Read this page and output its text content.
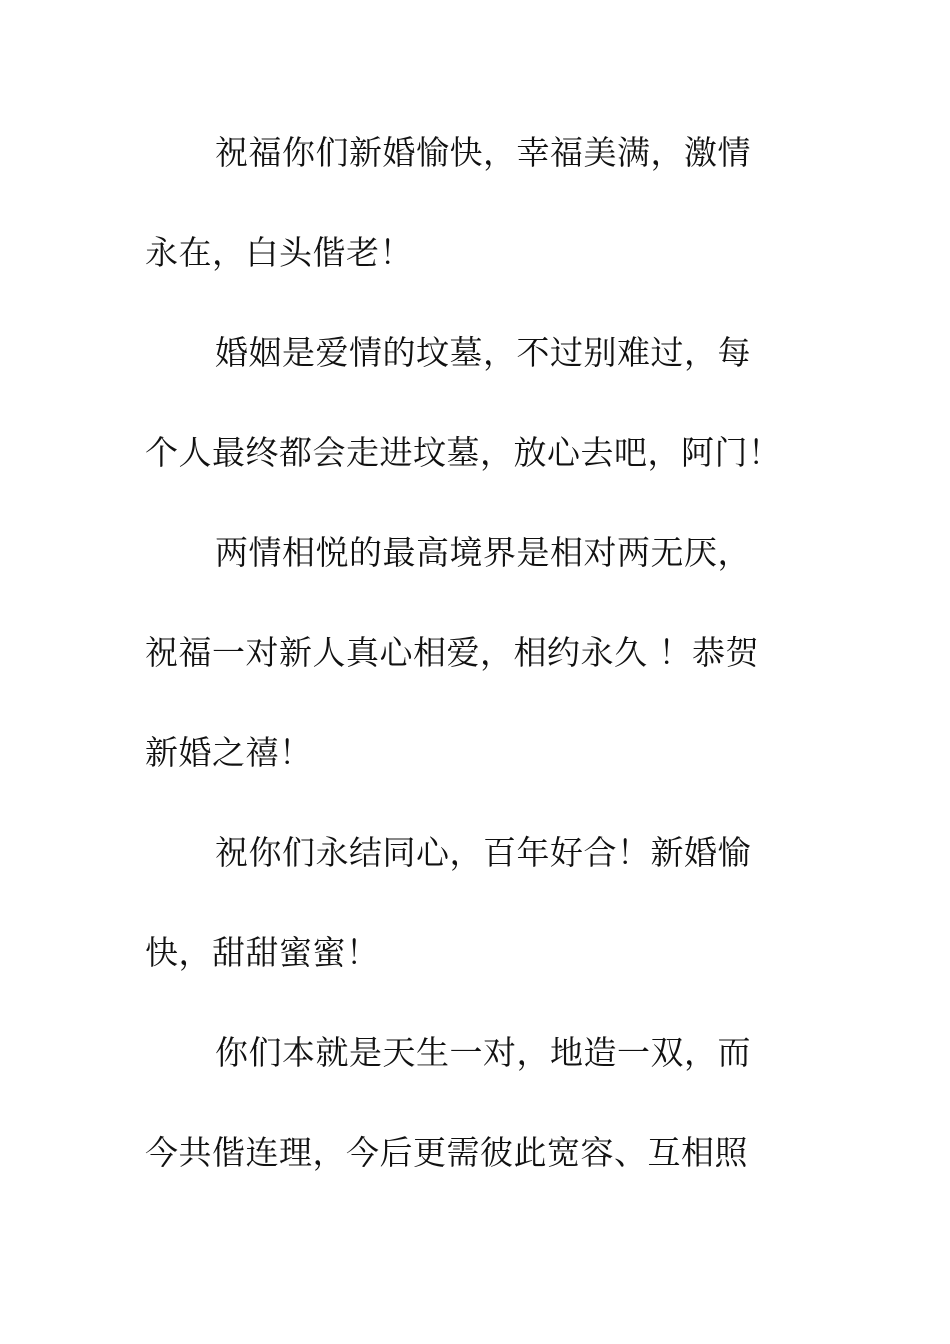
祝福你们新婚愉快，幸福美满，激情
永在，白头偕老！
婚姻是爱情的坟墓，不过别难过，每
个人最终都会走进坟墓，放心去吧，阿门！
两情相悦的最高境界是相对两无厌，
祝福一对新人真心相爱，相约永久 ！恭贺
新婚之禧！
祝你们永结同心，百年好合！新婚愉
快，甜甜蜜蜜！
你们本就是天生一对，地造一双，而
今共偕连理，今后更需彼此宽容、互相照
